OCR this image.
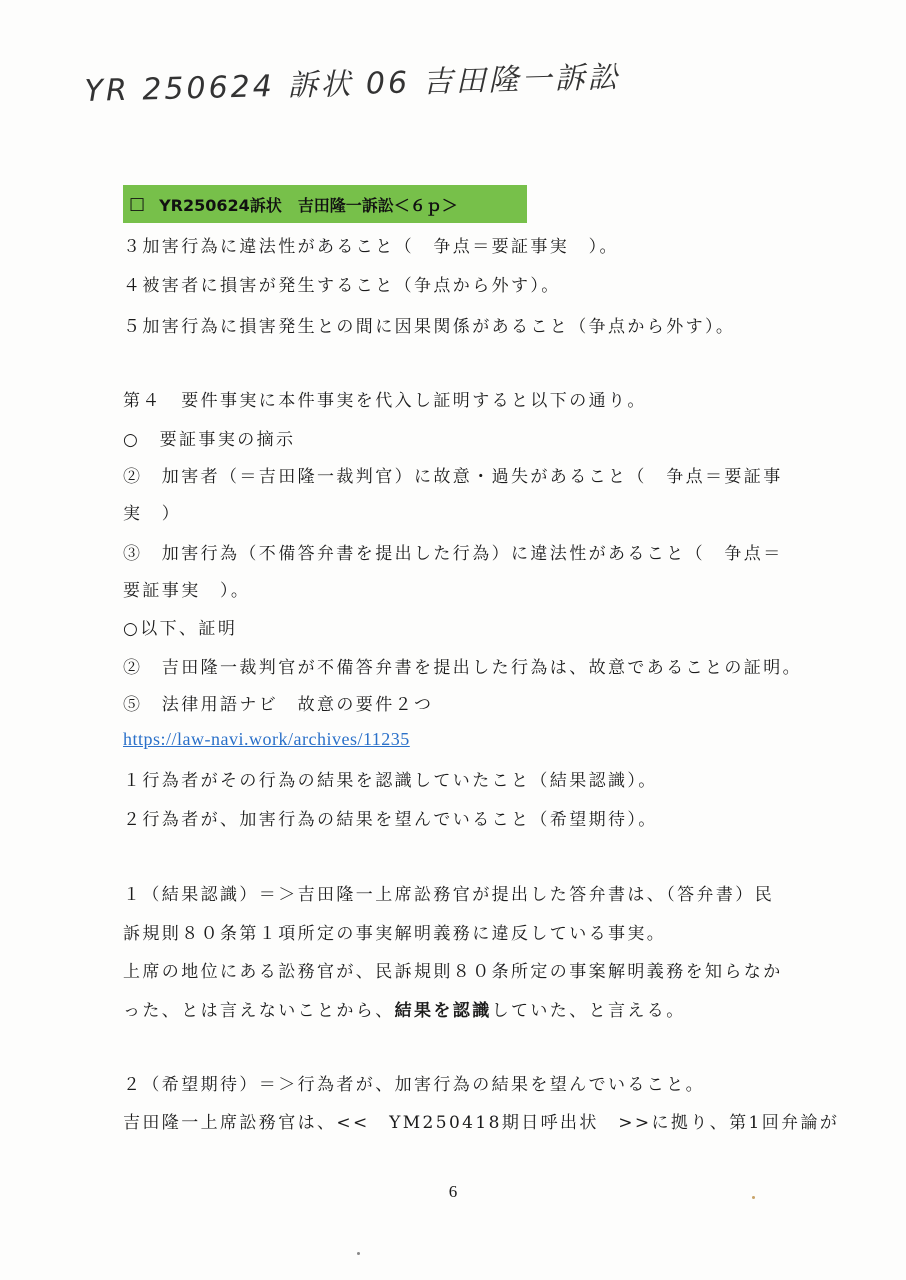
YR 250624 訴状 06 吉田隆一訴訟
□ YR250624訴状　吉田隆一訴訟＜６ｐ＞
３加害行為に違法性があること（　争点＝要証事実　）。
４被害者に損害が発生すること（争点から外す）。
５加害行為に損害発生との間に因果関係があること（争点から外す）。
第４　要件事実に本件事実を代入し証明すると以下の通り。
○　要証事実の摘示
②　加害者（＝吉田隆一裁判官）に故意・過失があること（　争点＝要証事
実　）
③　加害行為（不備答弁書を提出した行為）に違法性があること（　争点＝
要証事実　）。
○以下、証明
②　吉田隆一裁判官が不備答弁書を提出した行為は、故意であることの証明。
⑤　法律用語ナビ　故意の要件２つ
https://law-navi.work/archives/11235
１行為者がその行為の結果を認識していたこと（結果認識）。
２行為者が、加害行為の結果を望んでいること（希望期待）。
１（結果認識）＝＞吉田隆一上席訟務官が提出した答弁書は、（答弁書）民
訴規則８０条第１項所定の事実解明義務に違反している事実。
上席の地位にある訟務官が、民訴規則８０条所定の事案解明義務を知らなか
った、とは言えないことから、結果を認識していた、と言える。
２（希望期待）＝＞行為者が、加害行為の結果を望んでいること。
吉田隆一上席訟務官は、<<　YM250418期日呼出状　>>に拠り、第1回弁論が
6
